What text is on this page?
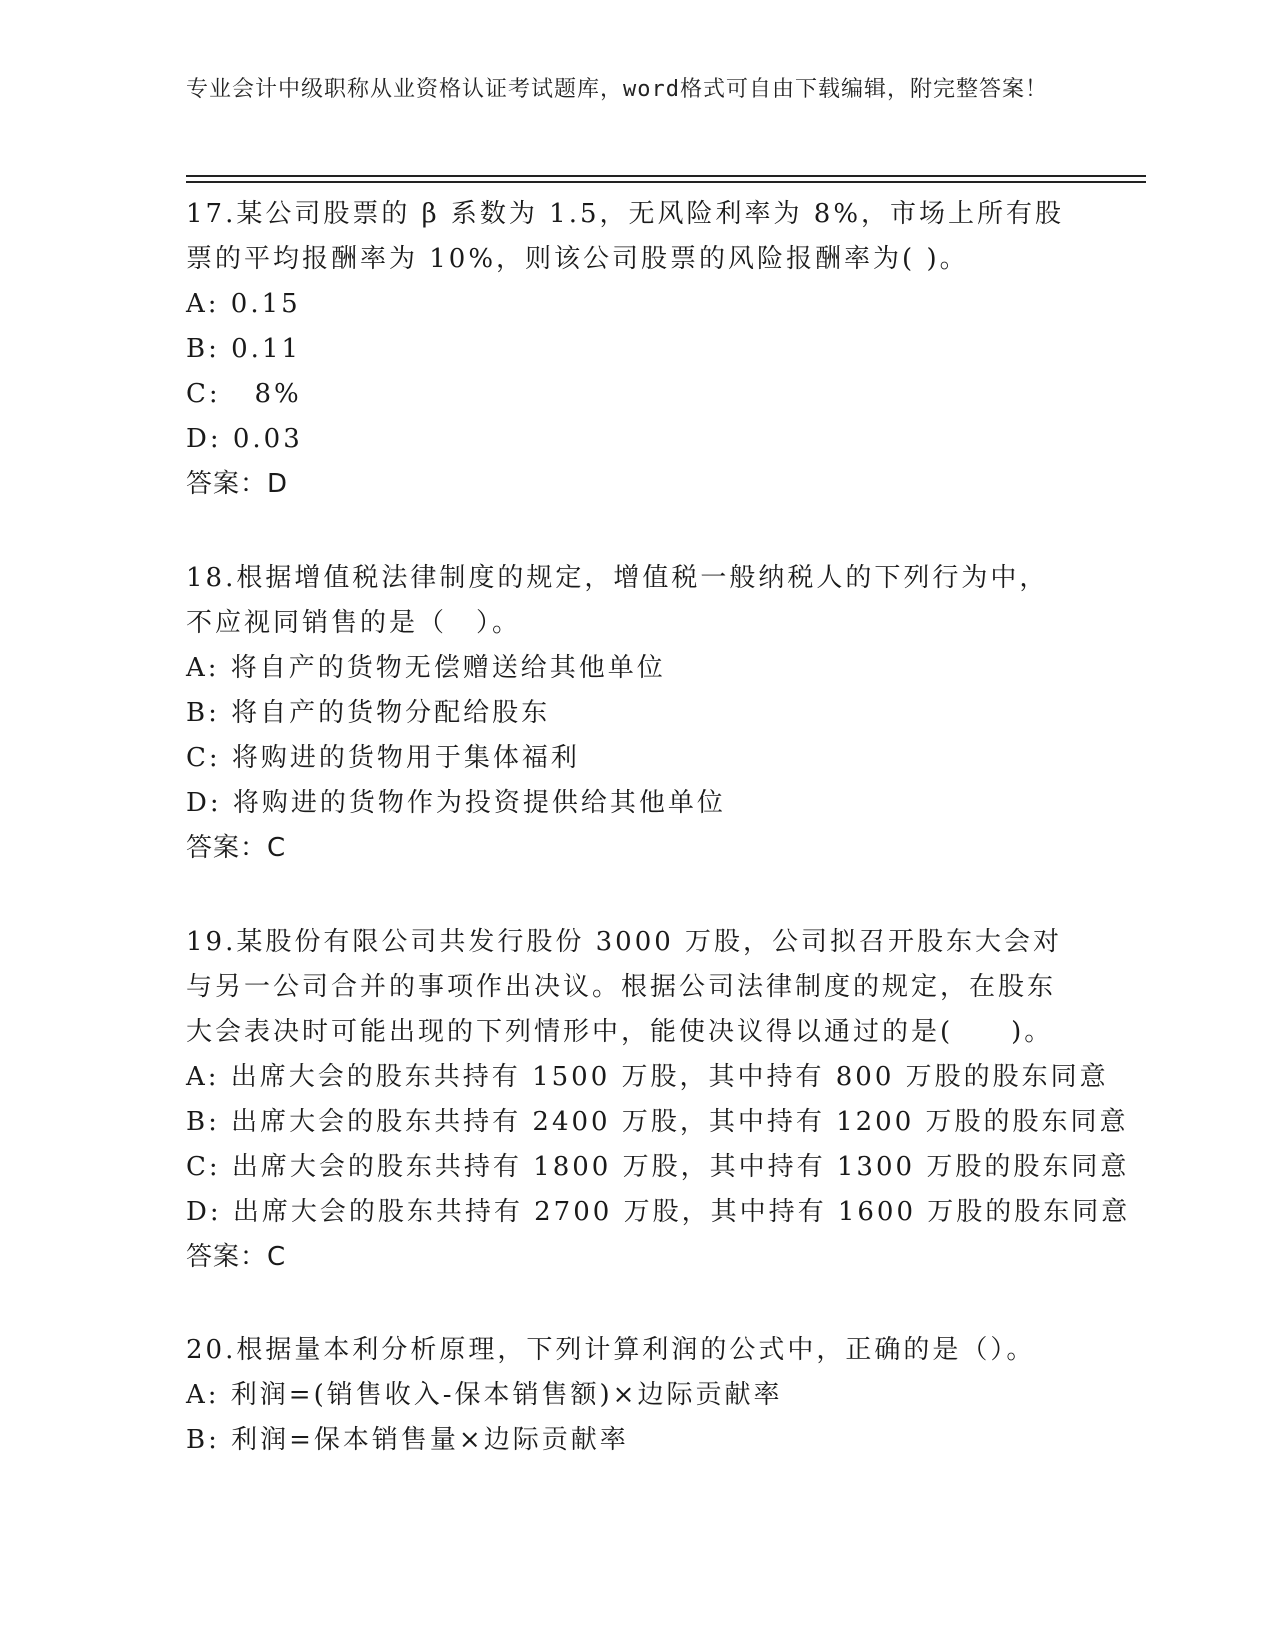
专业会计中级职称从业资格认证考试题库，word格式可自由下载编辑，附完整答案！

17.某公司股票的 β 系数为 1.5，无风险利率为 8%，市场上所有股票的平均报酬率为 10%，则该公司股票的风险报酬率为( )。

A: 0.15
B: 0.11
C:   8%
D: 0.03
答案：D

18.根据增值税法律制度的规定，增值税一般纳税人的下列行为中，不应视同销售的是（　）。

A: 将自产的货物无偿赠送给其他单位
B: 将自产的货物分配给股东
C: 将购进的货物用于集体福利
D: 将购进的货物作为投资提供给其他单位
答案：C

19.某股份有限公司共发行股份 3000 万股，公司拟召开股东大会对与另一公司合并的事项作出决议。根据公司法律制度的规定，在股东大会表决时可能出现的下列情形中，能使决议得以通过的是(　　)。

A: 出席大会的股东共持有 1500 万股，其中持有 800 万股的股东同意
B: 出席大会的股东共持有 2400 万股，其中持有 1200 万股的股东同意
C: 出席大会的股东共持有 1800 万股，其中持有 1300 万股的股东同意
D: 出席大会的股东共持有 2700 万股，其中持有 1600 万股的股东同意
答案：C

20.根据量本利分析原理，下列计算利润的公式中，正确的是（）。

A: 利润=(销售收入-保本销售额)×边际贡献率
B: 利润=保本销售量×边际贡献率
